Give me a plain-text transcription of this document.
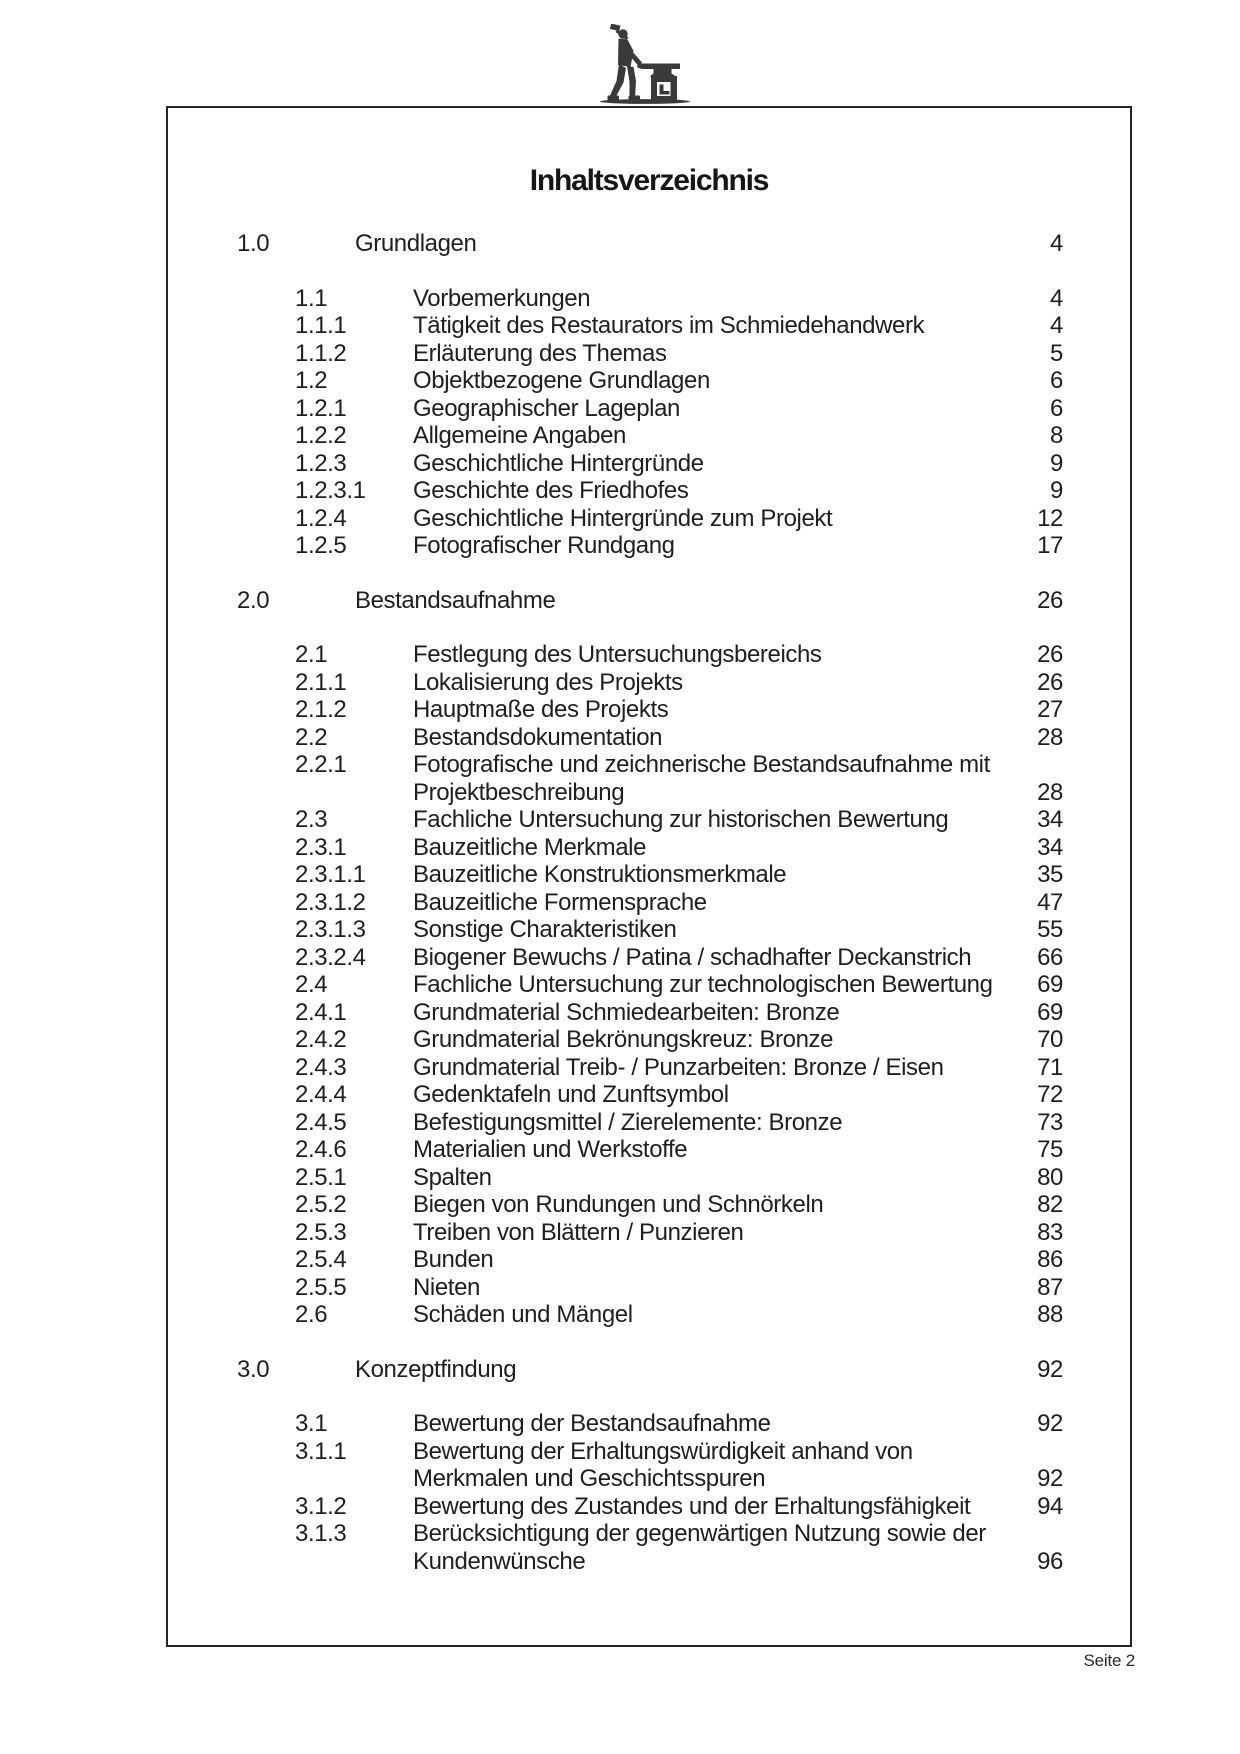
Inhaltsverzeichnis
1.0	Grundlagen	4
1.1	Vorbemerkungen	4
1.1.1	Tätigkeit des Restaurators im Schmiedehandwerk	4
1.1.2	Erläuterung des Themas	5
1.2	Objektbezogene Grundlagen	6
1.2.1	Geographischer Lageplan	6
1.2.2	Allgemeine Angaben	8
1.2.3	Geschichtliche Hintergründe	9
1.2.3.1	Geschichte des Friedhofes	9
1.2.4	Geschichtliche Hintergründe zum Projekt	12
1.2.5	Fotografischer Rundgang	17
2.0	Bestandsaufnahme	26
2.1	Festlegung des Untersuchungsbereichs	26
2.1.1	Lokalisierung des Projekts	26
2.1.2	Hauptmaße des Projekts	27
2.2	Bestandsdokumentation	28
2.2.1	Fotografische und zeichnerische Bestandsaufnahme mit
Projektbeschreibung	28
2.3	Fachliche Untersuchung zur historischen Bewertung	34
2.3.1	Bauzeitliche Merkmale	34
2.3.1.1	Bauzeitliche Konstruktionsmerkmale	35
2.3.1.2	Bauzeitliche Formensprache	47
2.3.1.3	Sonstige Charakteristiken	55
2.3.2.4	Biogener Bewuchs / Patina / schadhafter Deckanstrich	66
2.4	Fachliche Untersuchung zur technologischen Bewertung	69
2.4.1	Grundmaterial Schmiedearbeiten: Bronze	69
2.4.2	Grundmaterial Bekrönungskreuz: Bronze	70
2.4.3	Grundmaterial Treib- / Punzarbeiten: Bronze / Eisen	71
2.4.4	Gedenktafeln und Zunftsymbol	72
2.4.5	Befestigungsmittel / Zierelemente: Bronze	73
2.4.6	Materialien und Werkstoffe	75
2.5.1	Spalten	80
2.5.2	Biegen von Rundungen und Schnörkeln	82
2.5.3	Treiben von Blättern / Punzieren	83
2.5.4	Bunden	86
2.5.5	Nieten	87
2.6	Schäden und Mängel	88
3.0	Konzeptfindung	92
3.1	Bewertung der Bestandsaufnahme	92
3.1.1	Bewertung der Erhaltungswürdigkeit anhand von
Merkmalen und Geschichtsspuren	92
3.1.2	Bewertung des Zustandes und der Erhaltungsfähigkeit	94
3.1.3	Berücksichtigung der gegenwärtigen Nutzung sowie der
Kundenwünsche	96
Seite 2
